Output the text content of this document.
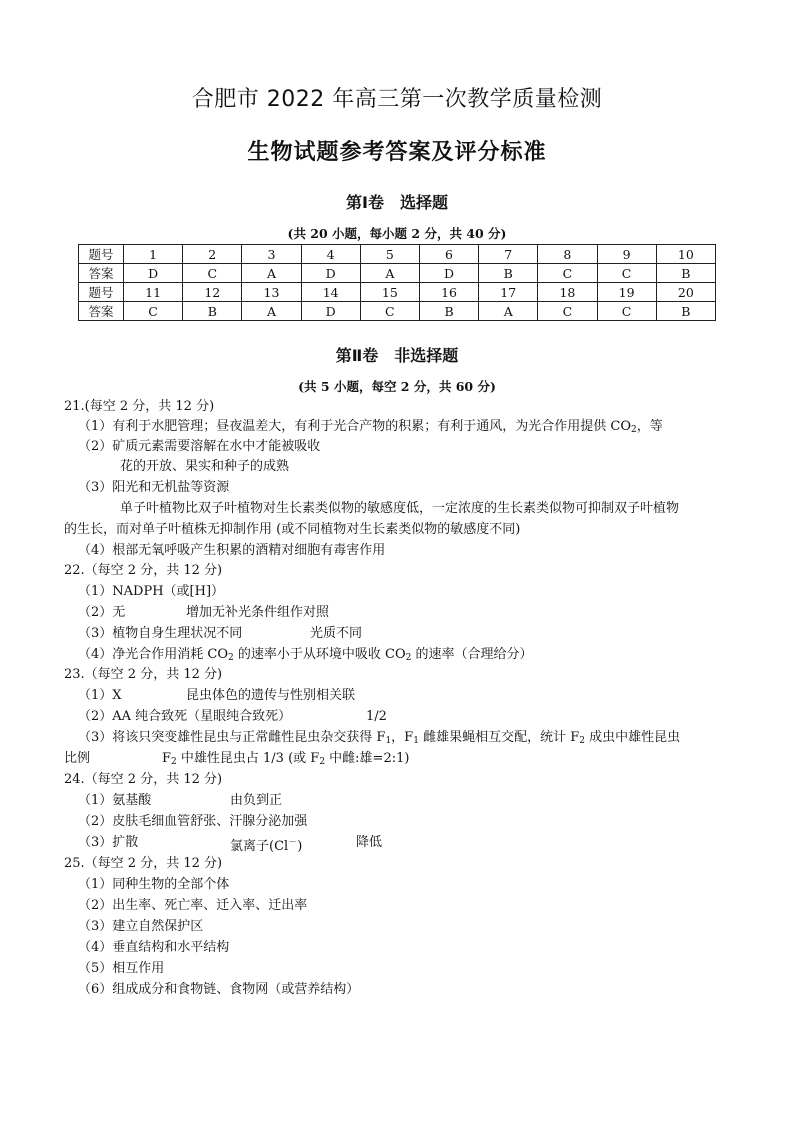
合肥市 2022 年高三第一次教学质量检测
生物试题参考答案及评分标准
第Ⅰ卷　选择题
(共 20 小题，每小题 2 分，共 40 分)
题号	1	2	3	4	5	6	7	8	9	10
答案	D	C	A	D	A	D	B	C	C	B
题号	11	12	13	14	15	16	17	18	19	20
答案	C	B	A	D	C	B	A	C	C	B
第Ⅱ卷　非选择题
(共 5 小题，每空 2 分，共 60 分)
21.(每空 2 分，共 12 分)
（1）有利于水肥管理；昼夜温差大，有利于光合产物的积累；有利于通风，为光合作用提供 $CO_2$，等
（2）矿质元素需要溶解在水中才能被吸收
花的开放、果实和种子的成熟
（3）阳光和无机盐等资源
单子叶植物比双子叶植物对生长素类似物的敏感度低，一定浓度的生长素类似物可抑制双子叶植物
的生长，而对单子叶植株无抑制作用 (或不同植物对生长素类似物的敏感度不同)
（4）根部无氧呼吸产生积累的酒精对细胞有毒害作用
22.（每空 2 分，共 12 分)
（1）NADPH（或[H]）
（2）无	增加无补光条件组作对照
（3）植物自身生理状况不同	光质不同
（4）净光合作用消耗 $CO_2$ 的速率小于从环境中吸收 $CO_2$ 的速率（合理给分）
23.（每空 2 分，共 12 分)
（1）X	昆虫体色的遗传与性别相关联
（2）AA 纯合致死（星眼纯合致死）	1/2
（3）将该只突变雄性昆虫与正常雌性昆虫杂交获得 $F_1$，$F_1$ 雌雄果蝇相互交配，统计 $F_2$ 成虫中雄性昆虫
比例	$F_2$ 中雄性昆虫占 1/3 (或 $F_2$ 中雌:雄=2:1)
24.（每空 2 分，共 12 分)
（1）氨基酸	由负到正
（2）皮肤毛细血管舒张、汗腺分泌加强
（3）扩散	氯离子(Cl－)	降低
25.（每空 2 分，共 12 分)
（1）同种生物的全部个体
（2）出生率、死亡率、迁入率、迁出率
（3）建立自然保护区
（4）垂直结构和水平结构
（5）相互作用
（6）组成成分和食物链、食物网（或营养结构）
